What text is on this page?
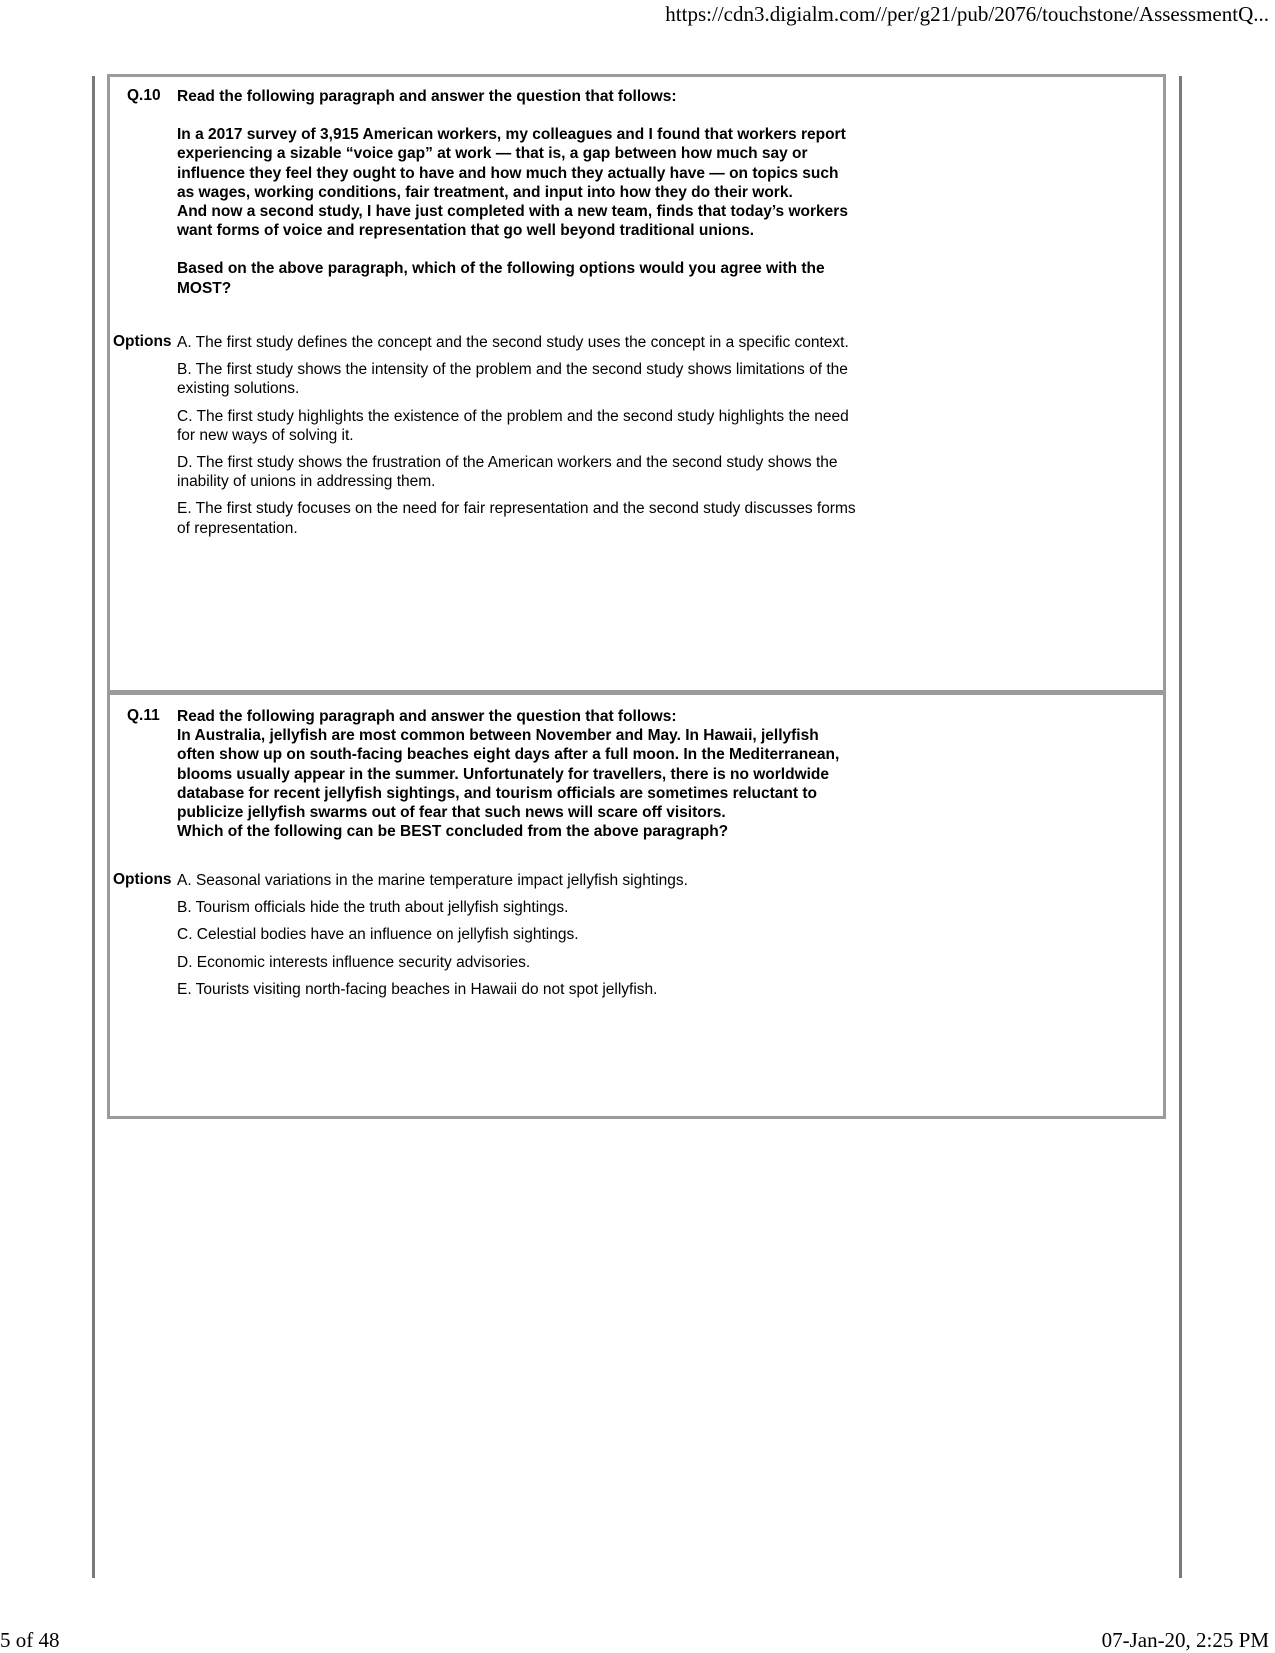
https://cdn3.digialm.com//per/g21/pub/2076/touchstone/AssessmentQ...
Q.10 Read the following paragraph and answer the question that follows:

In a 2017 survey of 3,915 American workers, my colleagues and I found that workers report experiencing a sizable “voice gap” at work — that is, a gap between how much say or influence they feel they ought to have and how much they actually have — on topics such as wages, working conditions, fair treatment, and input into how they do their work.

And now a second study, I have just completed with a new team, finds that today’s workers want forms of voice and representation that go well beyond traditional unions.

Based on the above paragraph, which of the following options would you agree with the MOST?

Options A. The first study defines the concept and the second study uses the concept in a specific context.

B. The first study shows the intensity of the problem and the second study shows limitations of the existing solutions.

C. The first study highlights the existence of the problem and the second study highlights the need for new ways of solving it.

D. The first study shows the frustration of the American workers and the second study shows the inability of unions in addressing them.

E. The first study focuses on the need for fair representation and the second study discusses forms of representation.

Q.11 Read the following paragraph and answer the question that follows:

In Australia, jellyfish are most common between November and May. In Hawaii, jellyfish often show up on south-facing beaches eight days after a full moon. In the Mediterranean, blooms usually appear in the summer. Unfortunately for travellers, there is no worldwide database for recent jellyfish sightings, and tourism officials are sometimes reluctant to publicize jellyfish swarms out of fear that such news will scare off visitors.

Which of the following can be BEST concluded from the above paragraph?

Options A. Seasonal variations in the marine temperature impact jellyfish sightings.

B. Tourism officials hide the truth about jellyfish sightings.

C. Celestial bodies have an influence on jellyfish sightings.

D. Economic interests influence security advisories.

E. Tourists visiting north-facing beaches in Hawaii do not spot jellyfish.

5 of 48	07-Jan-20, 2:25 PM
